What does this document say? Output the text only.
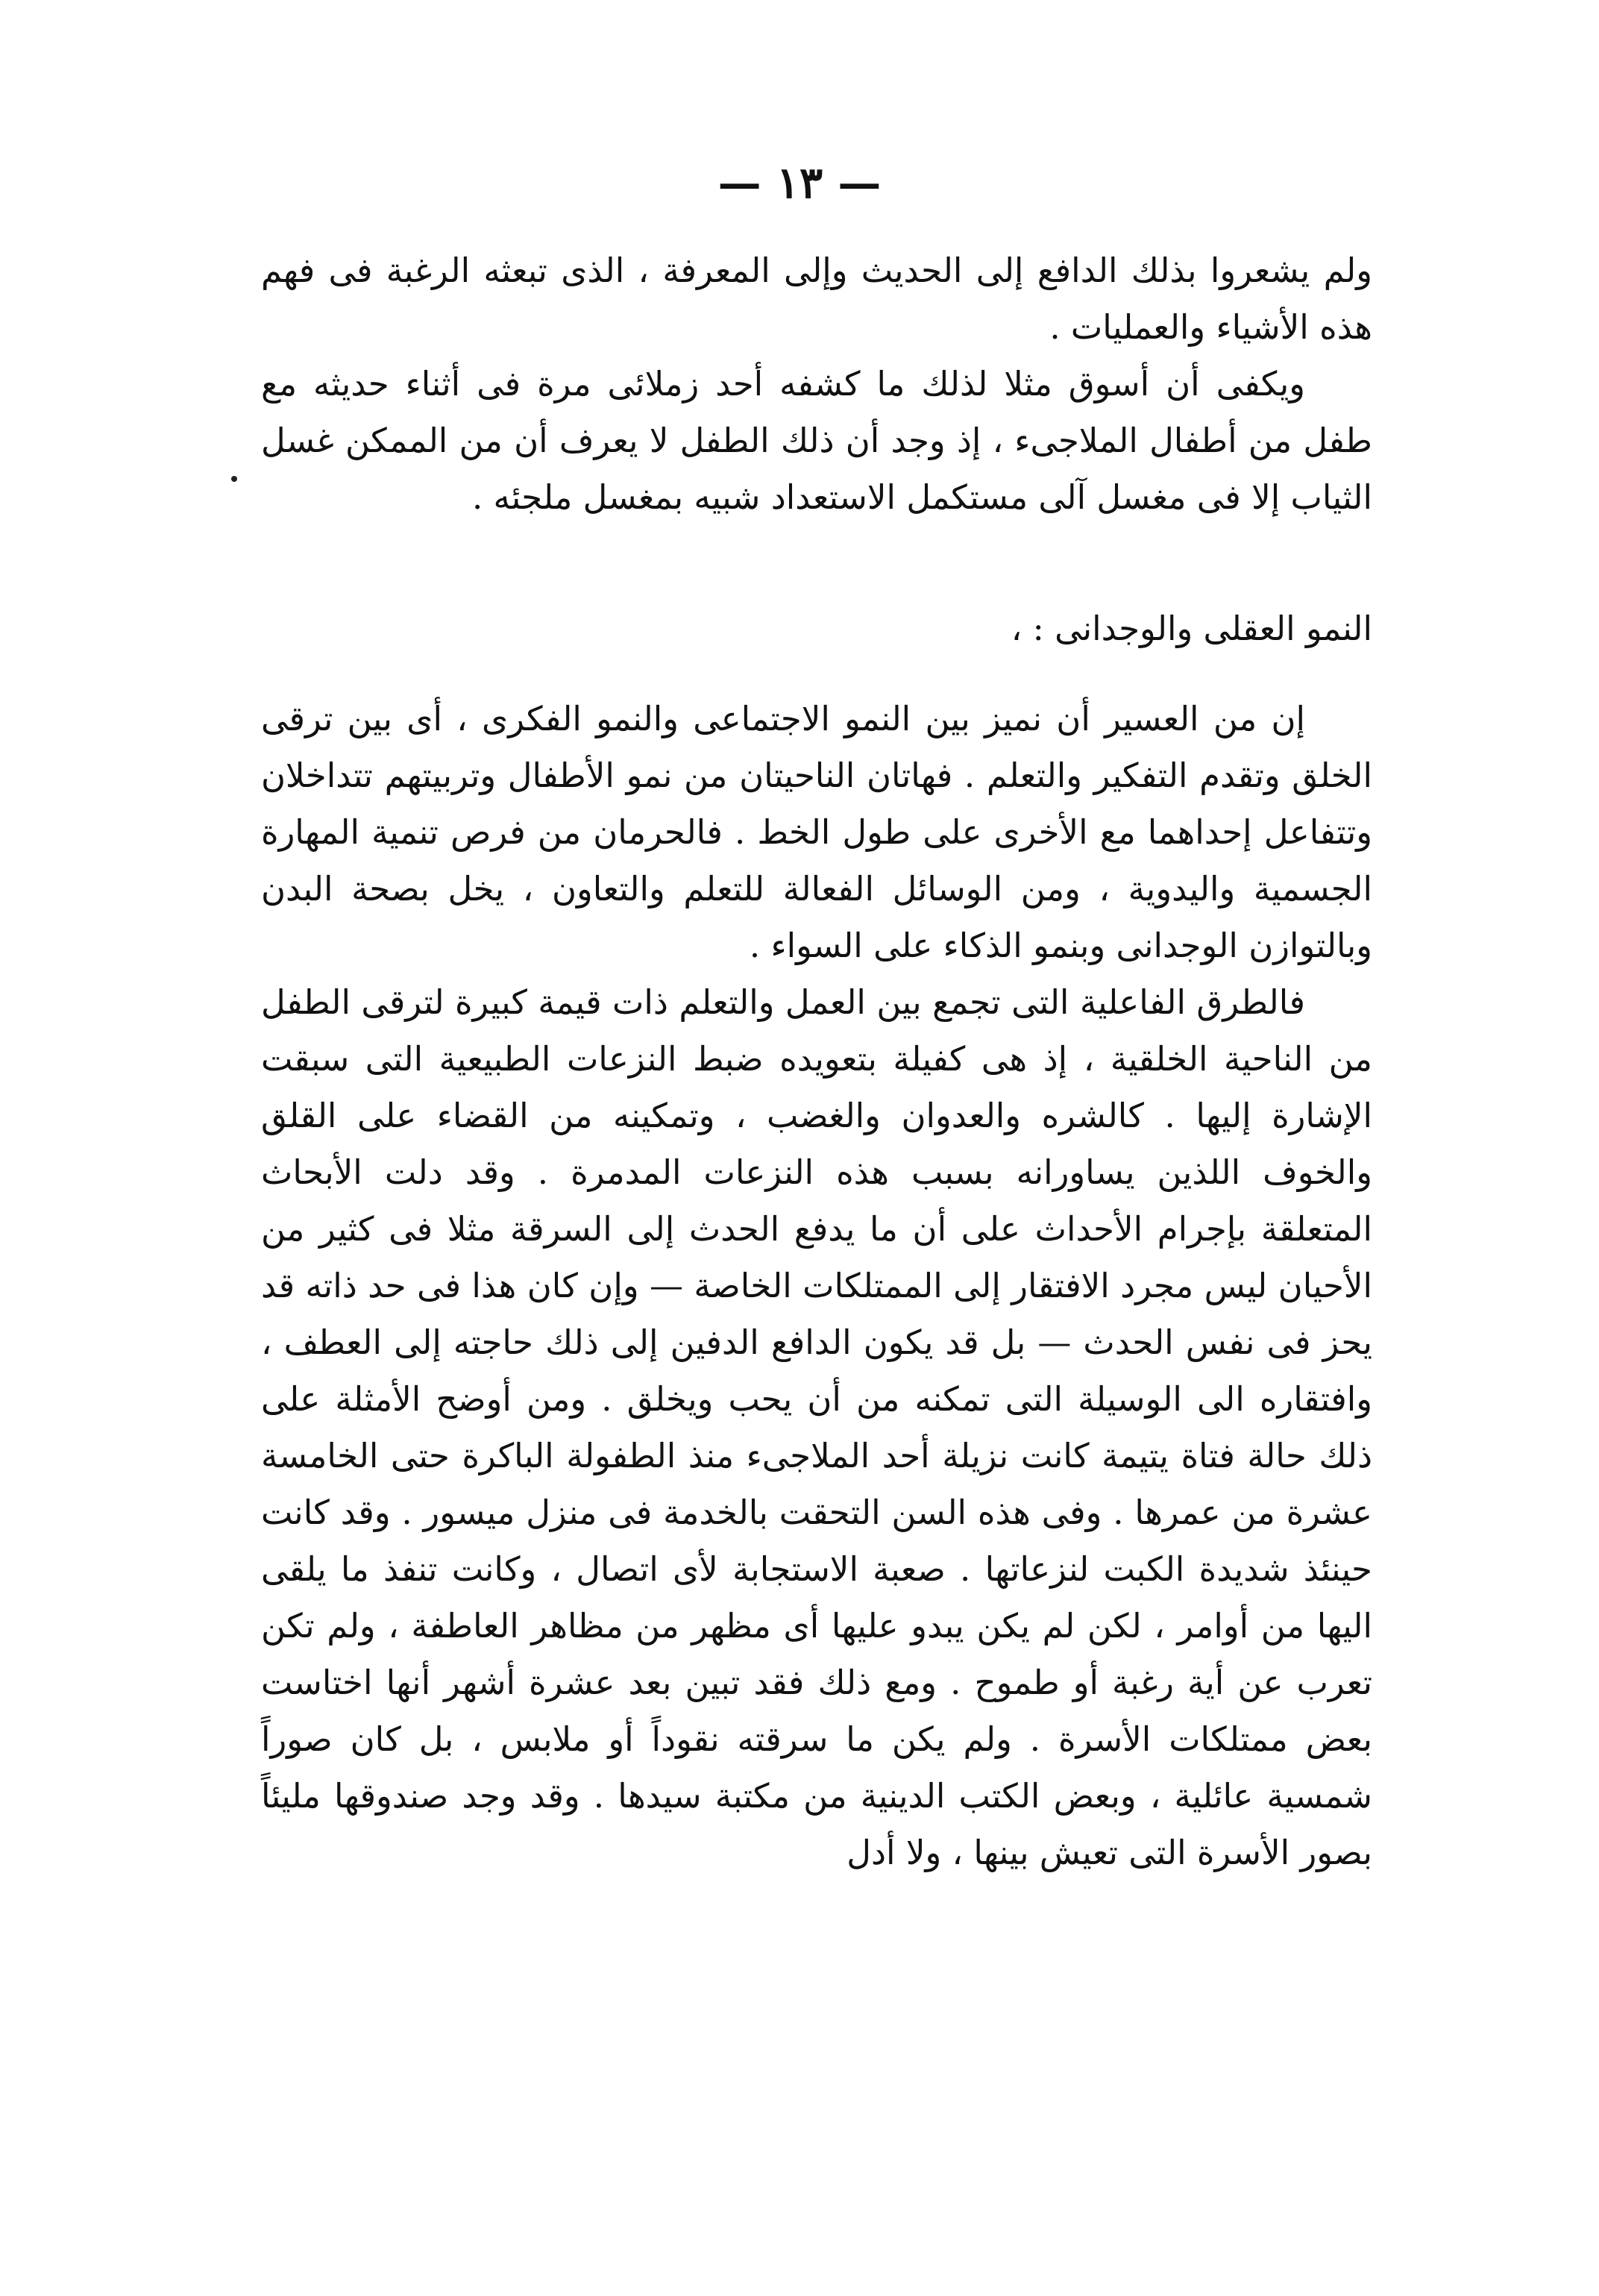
— ١٣ —

ولم يشعروا بذلك الدافع إلى الحديث وإلى المعرفة ، الذى تبعثه الرغبة فى فهم هذه الأشياء والعمليات .

ويكفى أن أسوق مثلا لذلك ما كشفه أحد زملائى مرة فى أثناء حديثه مع طفل من أطفال الملاجىء ، إذ وجد أن ذلك الطفل لا يعرف أن من الممكن غسل الثياب إلا فى مغسل آلى مستكمل الاستعداد شبيه بمغسل ملجئه .

النمو العقلى والوجدانى : ،

إن من العسير أن نميز بين النمو الاجتماعى والنمو الفكرى ، أى بين ترقى الخلق وتقدم التفكير والتعلم . فهاتان الناحيتان من نمو الأطفال وتربيتهم تتداخلان وتتفاعل إحداهما مع الأخرى على طول الخط . فالحرمان من فرص تنمية المهارة الجسمية واليدوية ، ومن الوسائل الفعالة للتعلم والتعاون ، يخل بصحة البدن وبالتوازن الوجدانى وبنمو الذكاء على السواء .

فالطرق الفاعلية التى تجمع بين العمل والتعلم ذات قيمة كبيرة لترقى الطفل من الناحية الخلقية ، إذ هى كفيلة بتعويده ضبط النزعات الطبيعية التى سبقت الإشارة إليها . كالشره والعدوان والغضب ، وتمكينه من القضاء على القلق والخوف اللذين يساورانه بسبب هذه النزعات المدمرة . وقد دلت الأبحاث المتعلقة بإجرام الأحداث على أن ما يدفع الحدث إلى السرقة مثلا فى كثير من الأحيان ليس مجرد الافتقار إلى الممتلكات الخاصة — وإن كان هذا فى حد ذاته قد يحز فى نفس الحدث — بل قد يكون الدافع الدفين إلى ذلك حاجته إلى العطف ، وافتقاره الى الوسيلة التى تمكنه من أن يحب ويخلق . ومن أوضح الأمثلة على ذلك حالة فتاة يتيمة كانت نزيلة أحد الملاجىء منذ الطفولة الباكرة حتى الخامسة عشرة من عمرها . وفى هذه السن التحقت بالخدمة فى منزل ميسور . وقد كانت حينئذ شديدة الكبت لنزعاتها . صعبة الاستجابة لأى اتصال ، وكانت تنفذ ما يلقى اليها من أوامر ، لكن لم يكن يبدو عليها أى مظهر من مظاهر العاطفة ، ولم تكن تعرب عن أية رغبة أو طموح . ومع ذلك فقد تبين بعد عشرة أشهر أنها اختاست بعض ممتلكات الأسرة . ولم يكن ما سرقته نقوداً أو ملابس ، بل كان صوراً شمسية عائلية ، وبعض الكتب الدينية من مكتبة سيدها . وقد وجد صندوقها مليئاً بصور الأسرة التى تعيش بينها ، ولا أدل
